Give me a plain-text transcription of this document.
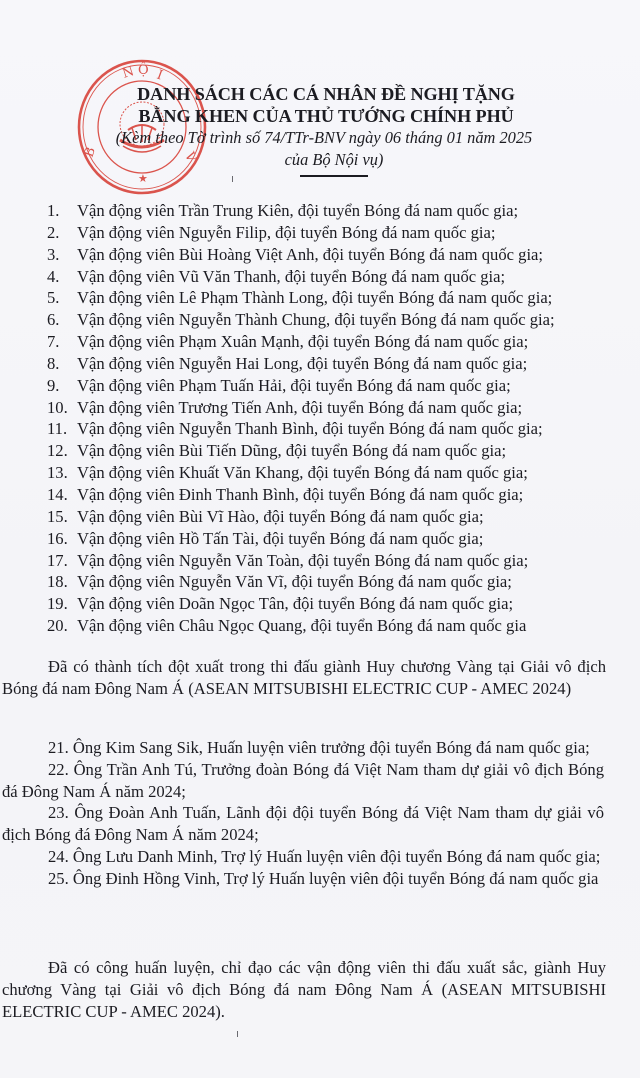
N Ộ I
B	V
★
DANH SÁCH CÁC CÁ NHÂN ĐỀ NGHỊ TẶNG
BẰNG KHEN CỦA THỦ TƯỚNG CHÍNH PHỦ

(Kèm theo Tờ trình số 74/TTr-BNV ngày 06 tháng 01 năm 2025

của Bộ Nội vụ)

1.	Vận động viên Trần Trung Kiên, đội tuyển Bóng đá nam quốc gia;
2.	Vận động viên Nguyễn Filip, đội tuyển Bóng đá nam quốc gia;
3.	Vận động viên Bùi Hoàng Việt Anh, đội tuyển Bóng đá nam quốc gia;
4.	Vận động viên Vũ Văn Thanh, đội tuyển Bóng đá nam quốc gia;
5.	Vận động viên Lê Phạm Thành Long, đội tuyển Bóng đá nam quốc gia;
6.	Vận động viên Nguyễn Thành Chung, đội tuyển Bóng đá nam quốc gia;
7.	Vận động viên Phạm Xuân Mạnh, đội tuyển Bóng đá nam quốc gia;
8.	Vận động viên Nguyễn Hai Long, đội tuyển Bóng đá nam quốc gia;
9.	Vận động viên Phạm Tuấn Hải, đội tuyển Bóng đá nam quốc gia;
10. Vận động viên Trương Tiến Anh, đội tuyển Bóng đá nam quốc gia;
11. Vận động viên Nguyễn Thanh Bình, đội tuyển Bóng đá nam quốc gia;
12. Vận động viên Bùi Tiến Dũng, đội tuyển Bóng đá nam quốc gia;
13. Vận động viên Khuất Văn Khang, đội tuyển Bóng đá nam quốc gia;
14. Vận động viên Đinh Thanh Bình, đội tuyển Bóng đá nam quốc gia;
15. Vận động viên Bùi Vĩ Hào, đội tuyển Bóng đá nam quốc gia;
16. Vận động viên Hồ Tấn Tài, đội tuyển Bóng đá nam quốc gia;
17. Vận động viên Nguyễn Văn Toàn, đội tuyển Bóng đá nam quốc gia;
18. Vận động viên Nguyễn Văn Vĩ, đội tuyển Bóng đá nam quốc gia;
19. Vận động viên Doãn Ngọc Tân, đội tuyển Bóng đá nam quốc gia;
20. Vận động viên Châu Ngọc Quang, đội tuyển Bóng đá nam quốc gia

Đã có thành tích đột xuất trong thi đấu giành Huy chương Vàng tại Giải vô địch Bóng đá nam Đông Nam Á (ASEAN MITSUBISHI ELECTRIC CUP - AMEC 2024)

21. Ông Kim Sang Sik, Huấn luyện viên trưởng đội tuyển Bóng đá nam quốc gia;
22. Ông Trần Anh Tú, Trưởng đoàn Bóng đá Việt Nam tham dự giải vô địch Bóng đá Đông Nam Á năm 2024;
23. Ông Đoàn Anh Tuấn, Lãnh đội đội tuyển Bóng đá Việt Nam tham dự giải vô địch Bóng đá Đông Nam Á năm 2024;
24. Ông Lưu Danh Minh, Trợ lý Huấn luyện viên đội tuyển Bóng đá nam quốc gia;
25. Ông Đinh Hồng Vinh, Trợ lý Huấn luyện viên đội tuyển Bóng đá nam quốc gia

Đã có công huấn luyện, chỉ đạo các vận động viên thi đấu xuất sắc, giành Huy chương Vàng tại Giải vô địch Bóng đá nam Đông Nam Á (ASEAN MITSUBISHI ELECTRIC CUP - AMEC 2024).
